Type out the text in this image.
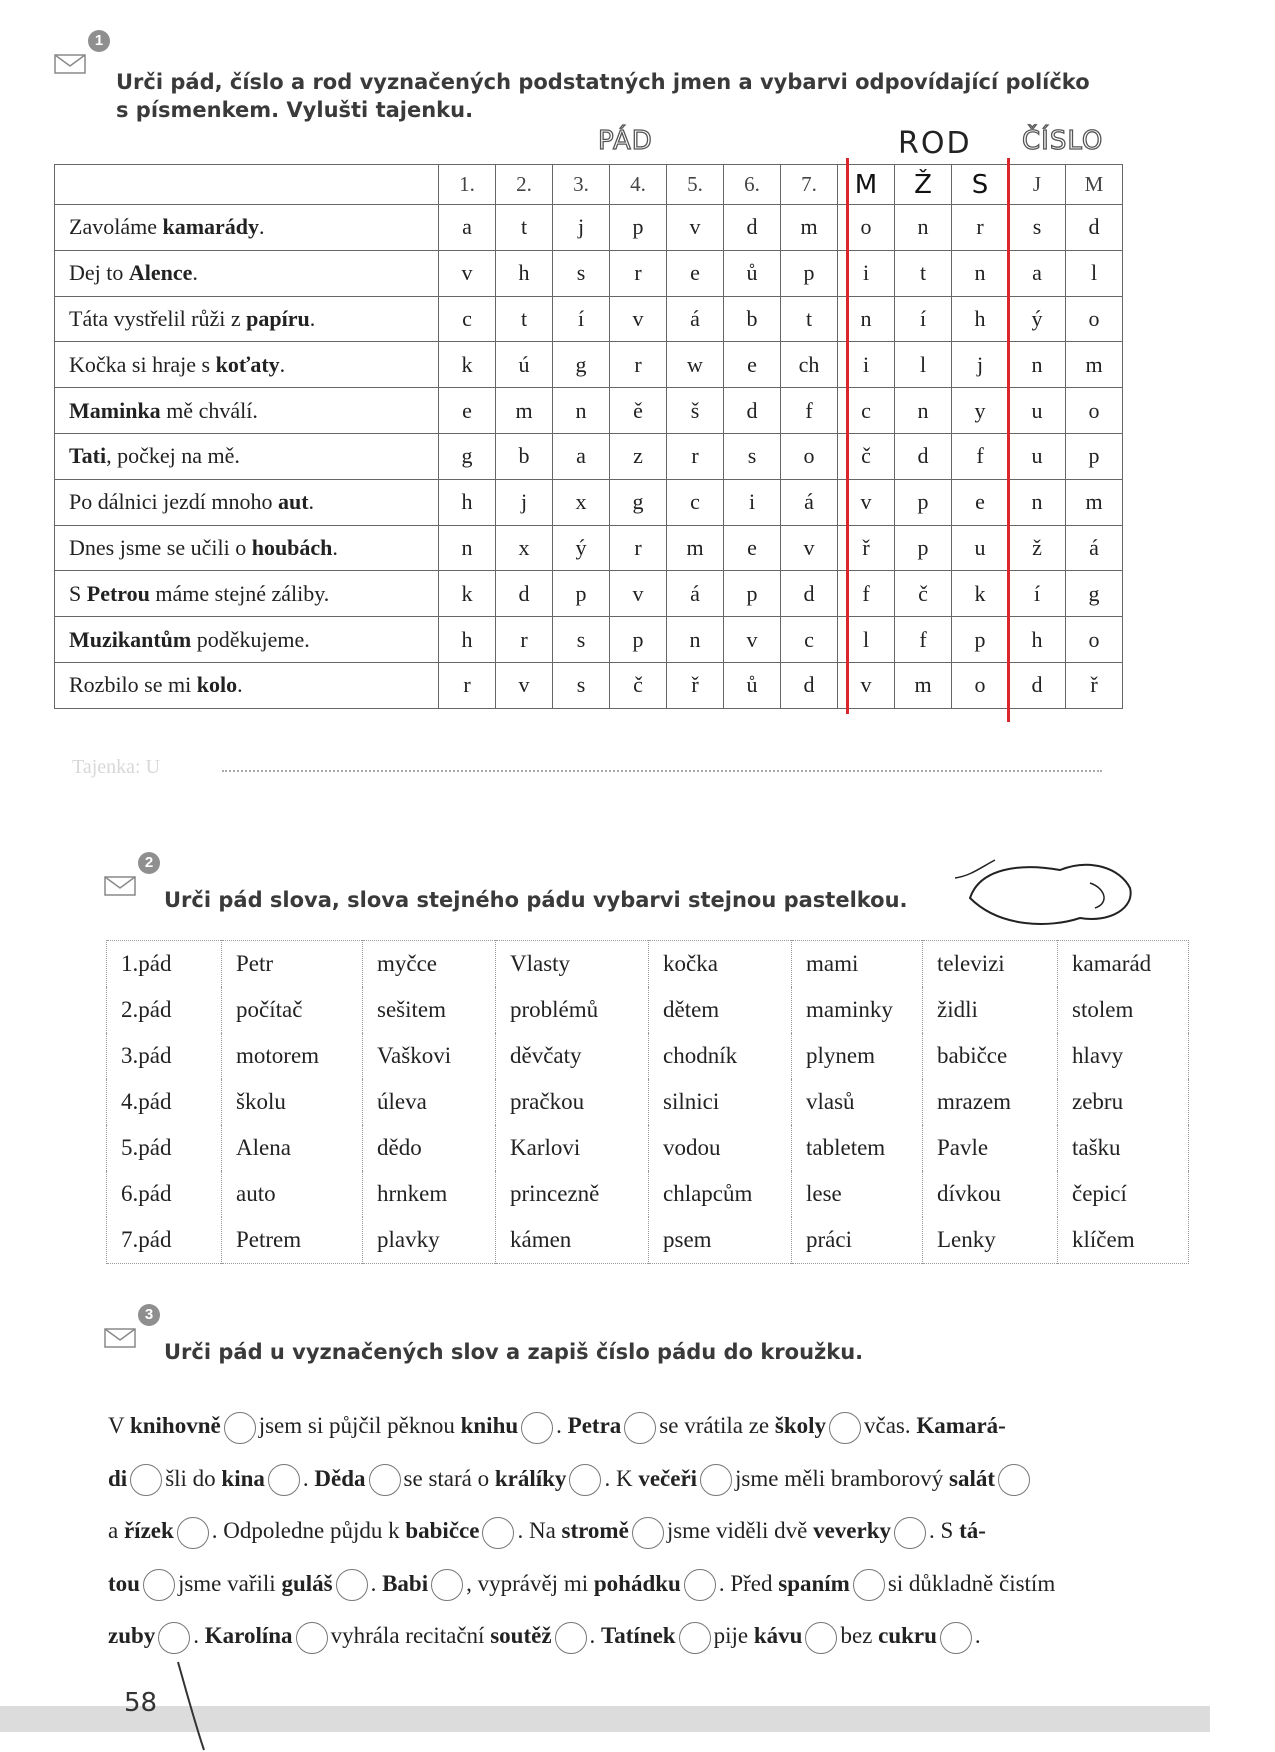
1
Urči pád, číslo a rod vyznačených podstatných jmen a vybarvi odpovídající políčko
s písmenkem. Vylušti tajenku.
PÁD	ROD ČÍSLO
	1.	2.	3.	4.	5.	6.	7.	M	Ž	S	J	M
Zavoláme kamarády.	a	t	j	p	v	d	m	o	n	r	s	d
Dej to Alence.	v	h	s	r	e	ů	p	i	t	n	a	l
Táta vystřelil růži z papíru.	c	t	í	v	á	b	t	n	í	h	ý	o
Kočka si hraje s koťaty.	k	ú	g	r	w	e	ch	i	l	j	n	m
Maminka mě chválí.	e	m	n	ě	š	d	f	c	n	y	u	o
Tati, počkej na mě.	g	b	a	z	r	s	o	č	d	f	u	p
Po dálnici jezdí mnoho aut.	h	j	x	g	c	i	á	v	p	e	n	m
Dnes jsme se učili o houbách.	n	x	ý	r	m	e	v	ř	p	u	ž	á
S Petrou máme stejné záliby.	k	d	p	v	á	p	d	f	č	k	í	g
Muzikantům poděkujeme.	h	r	s	p	n	v	c	l	f	p	h	o
Rozbilo se mi kolo.	r	v	s	č	ř	ů	d	v	m	o	d	ř
Tajenka: U
2
Urči pád slova, slova stejného pádu vybarvi stejnou pastelkou.
1.pád	Petr	myčce	Vlasty	kočka	mami	televizi	kamarád
2.pád	počítač	sešitem	problémů	dětem	maminky	židli	stolem
3.pád	motorem	Vaškovi	děvčaty	chodník	plynem	babičce	hlavy
4.pád	školu	úleva	pračkou	silnici	vlasů	mrazem	zebru
5.pád	Alena	dědo	Karlovi	vodou	tabletem	Pavle	tašku
6.pád	auto	hrnkem	princezně	chlapcům	lese	dívkou	čepicí
7.pád	Petrem	plavky	kámen	psem	práci	Lenky	klíčem
3
Urči pád u vyznačených slov a zapiš číslo pádu do kroužku.
V knihovně jsem si půjčil pěknou knihu . Petra se vrátila ze školy včas. Kamará-
di šli do kina . Děda se stará o králíky . K večeři jsme měli bramborový salát
a řízek . Odpoledne půjdu k babičce . Na stromě jsme viděli dvě veverky . S tá-
tou jsme vařili guláš . Babi , vyprávěj mi pohádku . Před spaním si důkladně čistím
zuby . Karolína vyhrála recitační soutěž . Tatínek pije kávu bez cukru .
58
